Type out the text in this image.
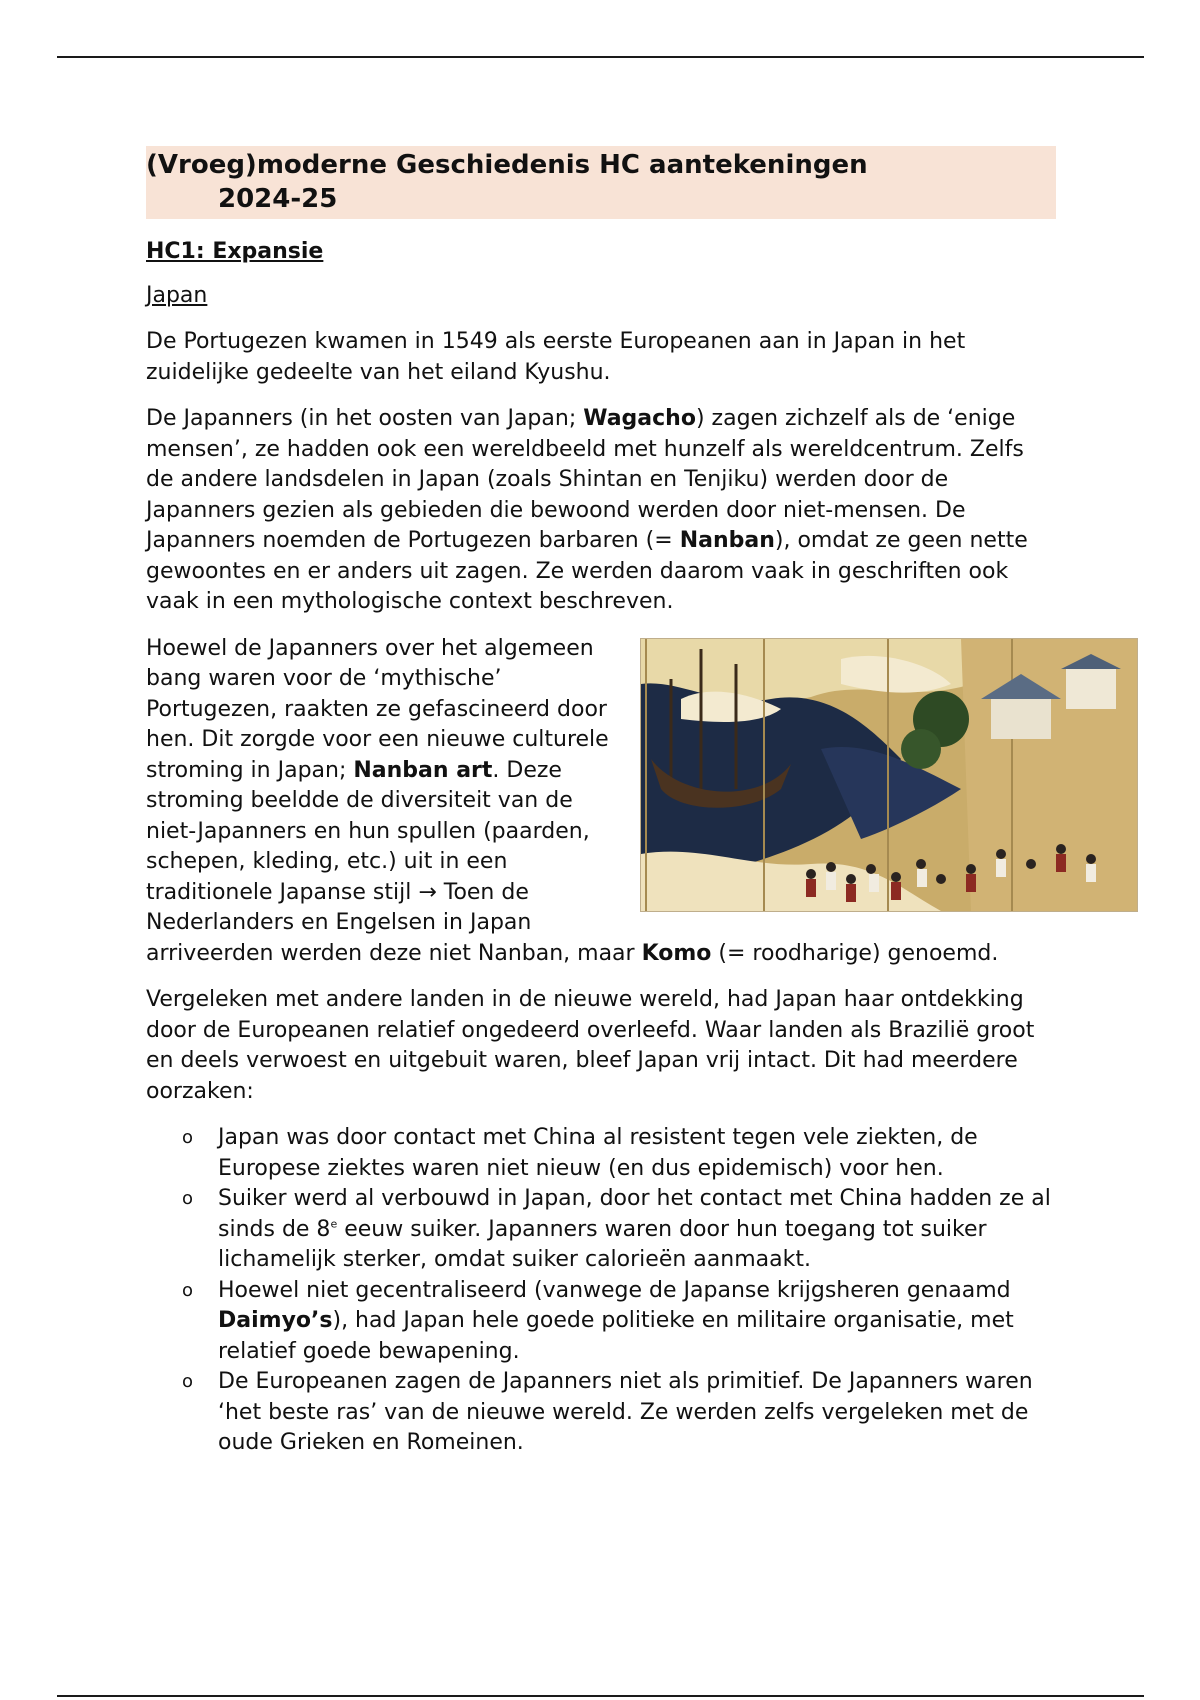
(Vroeg)moderne Geschiedenis HC aantekeningen
2024-25
HC1: Expansie
Japan

De Portugezen kwamen in 1549 als eerste Europeanen aan in Japan in het zuidelijke gedeelte van het eiland Kyushu.

De Japanners (in het oosten van Japan; Wagacho) zagen zichzelf als de ‘enige mensen’, ze hadden ook een wereldbeeld met hunzelf als wereldcentrum. Zelfs de andere landsdelen in Japan (zoals Shintan en Tenjiku) werden door de Japanners gezien als gebieden die bewoond werden door niet-mensen. De Japanners noemden de Portugezen barbaren (= Nanban), omdat ze geen nette gewoontes en er anders uit zagen. Ze werden daarom vaak in geschriften ook vaak in een mythologische context beschreven.

Hoewel de Japanners over het algemeen bang waren voor de ‘mythische’ Portugezen, raakten ze gefascineerd door hen. Dit zorgde voor een nieuwe culturele stroming in Japan; Nanban art. Deze stroming beeldde de diversiteit van de niet-Japanners en hun spullen (paarden, schepen, kleding, etc.) uit in een traditionele Japanse stijl → Toen de Nederlanders en Engelsen in Japan arriveerden werden deze niet Nanban, maar Komo (= roodharige) genoemd.

Vergeleken met andere landen in de nieuwe wereld, had Japan haar ontdekking door de Europeanen relatief ongedeerd overleefd. Waar landen als Brazilië groot en deels verwoest en uitgebuit waren, bleef Japan vrij intact. Dit had meerdere oorzaken:

o Japan was door contact met China al resistent tegen vele ziekten, de Europese ziektes waren niet nieuw (en dus epidemisch) voor hen.
o Suiker werd al verbouwd in Japan, door het contact met China hadden ze al sinds de 8e eeuw suiker. Japanners waren door hun toegang tot suiker lichamelijk sterker, omdat suiker calorieën aanmaakt.
o Hoewel niet gecentraliseerd (vanwege de Japanse krijgsheren genaamd Daimyo’s), had Japan hele goede politieke en militaire organisatie, met relatief goede bewapening.
o De Europeanen zagen de Japanners niet als primitief. De Japanners waren ‘het beste ras’ van de nieuwe wereld. Ze werden zelfs vergeleken met de oude Grieken en Romeinen.
